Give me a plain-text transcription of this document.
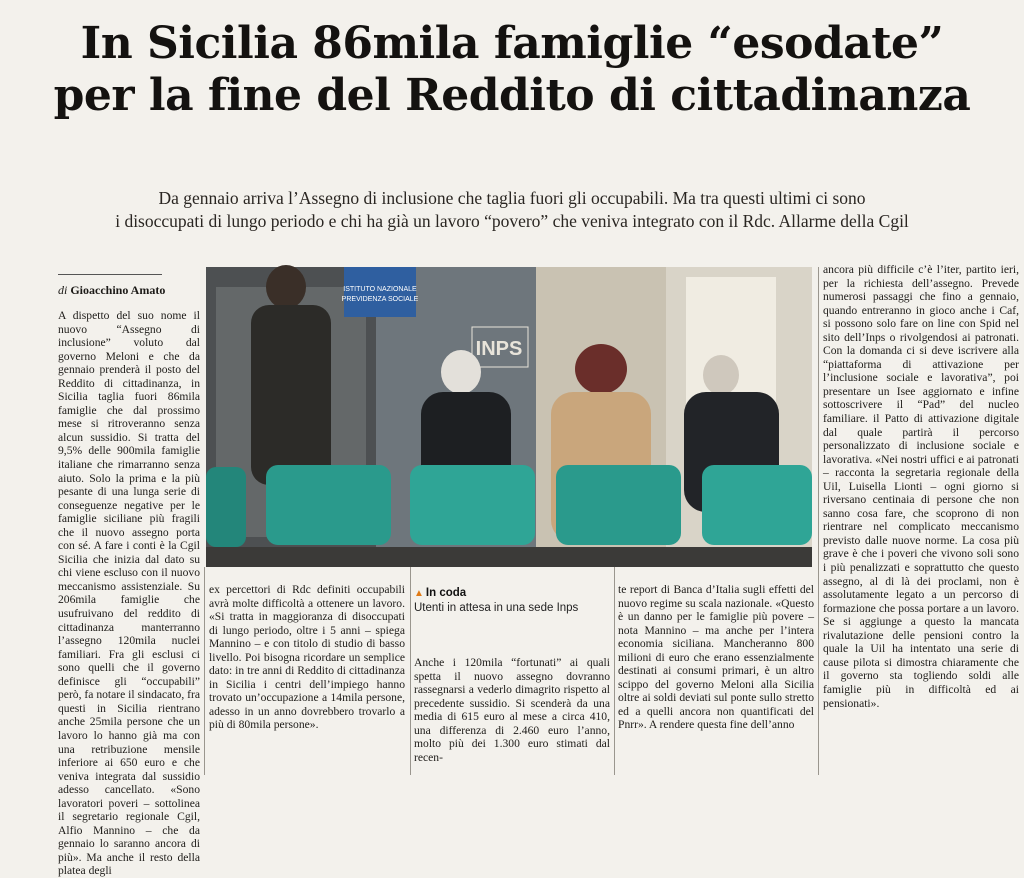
In Sicilia 86mila famiglie “esodate”
per la fine del Reddito di cittadinanza
Da gennaio arriva l’Assegno di inclusione che taglia fuori gli occupabili. Ma tra questi ultimi ci sono
i disoccupati di lungo periodo e chi ha già un lavoro “povero” che veniva integrato con il Rdc. Allarme della Cgil
di Gioacchino Amato
A dispetto del suo nome il nuovo “Assegno di inclusione” voluto dal governo Meloni e che da gennaio prenderà il posto del Reddito di cittadinanza, in Sicilia taglia fuori 86mila famiglie che dal prossimo mese si ritroveranno senza alcun sussidio. Si tratta del 9,5% delle 900mila famiglie italiane che rimarranno senza aiuto. Solo la prima e la più pesante di una lunga serie di conseguenze negative per le famiglie siciliane più fragili che il nuovo assegno porta con sé. A fare i conti è la Cgil Sicilia che inizia dal dato su chi viene escluso con il nuovo meccanismo assistenziale. Su 206mila famiglie che usufruivano del reddito di cittadinanza manterranno l’assegno 120mila nuclei familiari. Fra gli esclusi ci sono quelli che il governo definisce gli “occupabili” però, fa notare il sindacato, fra questi in Sicilia rientrano anche 25mila persone che un lavoro lo hanno già ma con una retribuzione mensile inferiore ai 650 euro e che veniva integrata dal sussidio adesso cancellato. «Sono lavoratori poveri – sottolinea il segretario regionale Cgil, Alfio Mannino – che da gennaio lo saranno ancora di più». Ma anche il resto della platea degli
ISTITUTO NAZIONALE
PREVIDENZA SOCIALE
INPS
▲ In coda
Utenti in attesa in una sede Inps
ex percettori di Rdc definiti occupabili avrà molte difficoltà a ottenere un lavoro. «Si tratta in maggioranza di disoccupati di lungo periodo, oltre i 5 anni – spiega Mannino – e con titolo di studio di basso livello. Poi bisogna ricordare un semplice dato: in tre anni di Reddito di cittadinanza in Sicilia i centri dell’impiego hanno trovato un’occupazione a 14mila persone, adesso in un anno dovrebbero trovarlo a più di 80mila persone».
Anche i 120mila “fortunati” ai quali spetta il nuovo assegno dovranno rassegnarsi a vederlo dimagrito rispetto al precedente sussidio. Si scenderà da una media di 615 euro al mese a circa 410, una differenza di 2.460 euro l’anno, molto più dei 1.300 euro stimati dal recen-
te report di Banca d’Italia sugli effetti del nuovo regime su scala nazionale. «Questo è un danno per le famiglie più povere – nota Mannino – ma anche per l’intera economia siciliana. Mancheranno 800 milioni di euro che erano essenzialmente destinati ai consumi primari, è un altro scippo del governo Meloni alla Sicilia oltre ai soldi deviati sul ponte sullo stretto ed a quelli ancora non quantificati del Pnrr». A rendere questa fine dell’anno
ancora più difficile c’è l’iter, partito ieri, per la richiesta dell’assegno. Prevede numerosi passaggi che fino a gennaio, quando entreranno in gioco anche i Caf, si possono solo fare on line con Spid nel sito dell’Inps o rivolgendosi ai patronati. Con la domanda ci si deve iscrivere alla “piattaforma di attivazione per l’inclusione sociale e lavorativa”, poi presentare un Isee aggiornato e infine sottoscrivere il “Pad” del nucleo familiare. il Patto di attivazione digitale dal quale partirà il percorso personalizzato di inclusione sociale e lavorativa. «Nei nostri uffici e ai patronati – racconta la segretaria regionale della Uil, Luisella Lionti – ogni giorno si riversano centinaia di persone che non sanno cosa fare, che scoprono di non rientrare nel complicato meccanismo previsto dalle nuove norme. La cosa più grave è che i poveri che vivono soli sono i più penalizzati e soprattutto che questo assegno, al di là dei proclami, non è assolutamente legato a un percorso di formazione che possa portare a un lavoro. Se si aggiunge a questo la mancata rivalutazione delle pensioni contro la quale la Uil ha intentato una serie di cause pilota si dimostra chiaramente che il governo sta togliendo soldi alle famiglie più in difficoltà ed ai pensionati».
